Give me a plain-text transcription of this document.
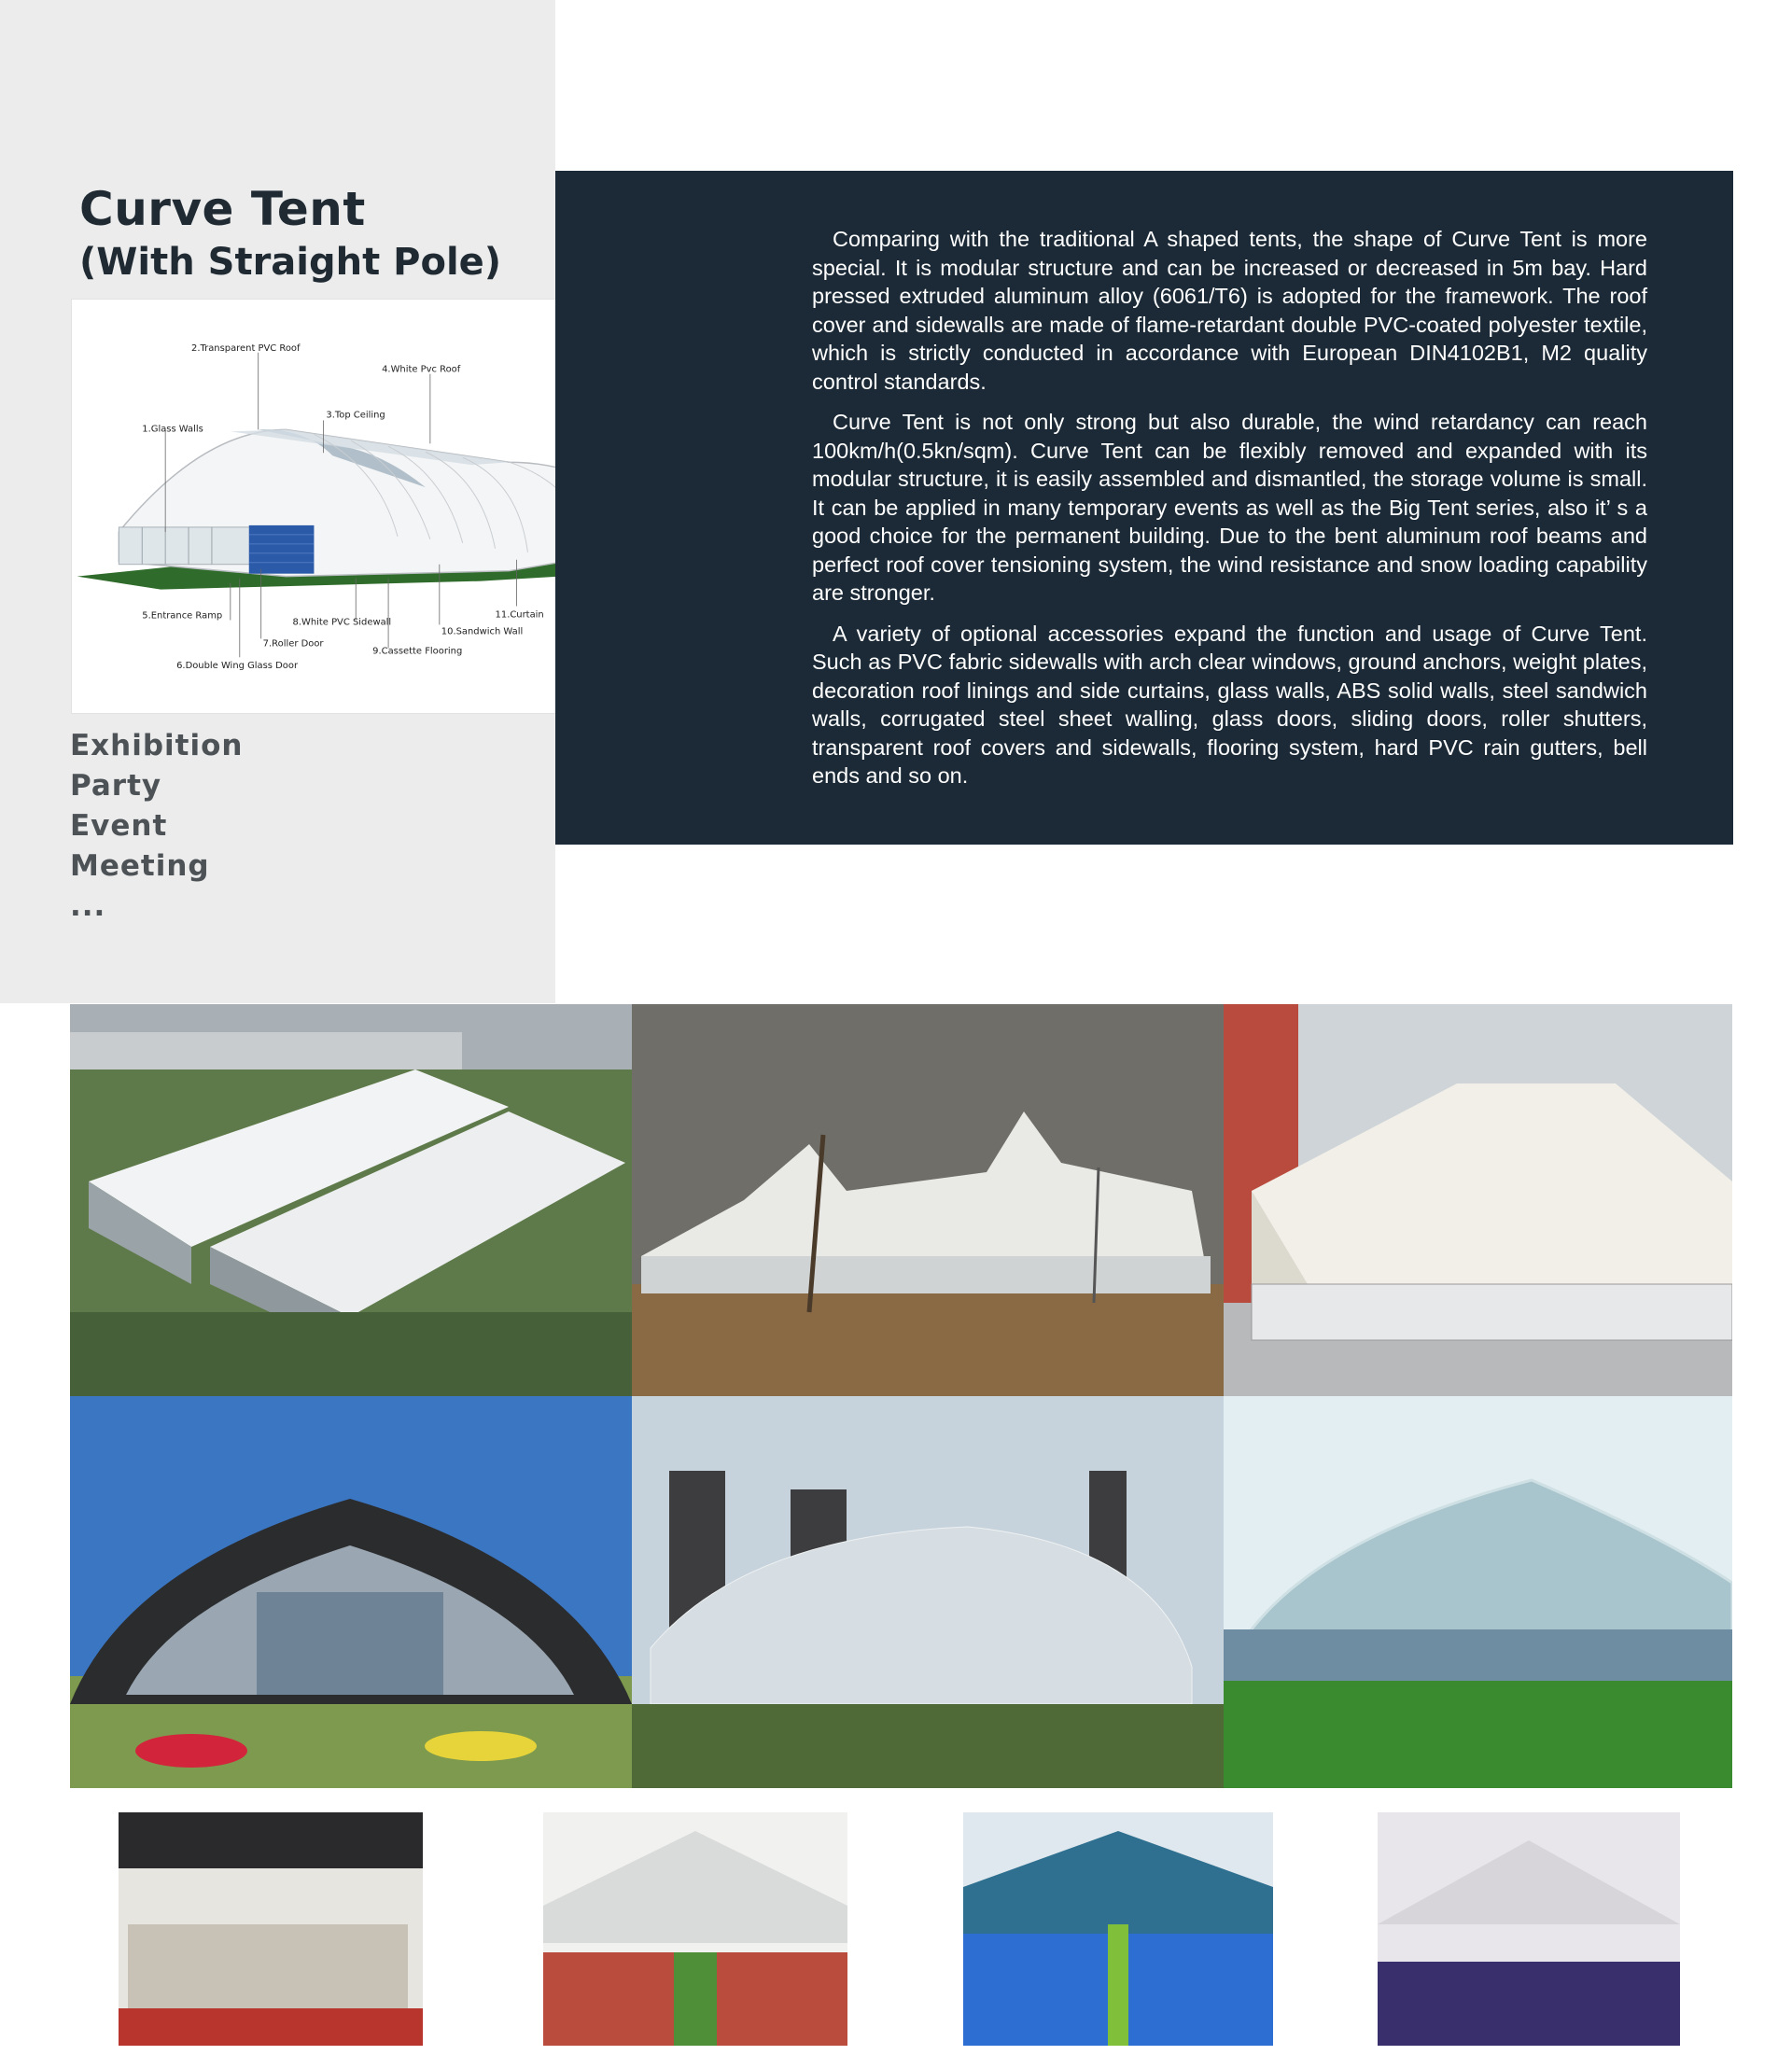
Curve Tent
(With Straight Pole)
1.Glass Walls
2.Transparent PVC Roof
3.Top Ceiling
4.White Pvc Roof
5.Entrance Ramp
6.Double Wing Glass Door
7.Roller Door
8.White PVC Sidewall
9.Cassette Flooring
10.Sandwich Wall
11.Curtain
Exhibition
Party
Event
Meeting
...

Comparing with the traditional A shaped tents, the shape of Curve Tent is more special. It is modular structure and can be increased or decreased in 5m bay. Hard pressed extruded aluminum alloy (6061/T6) is adopted for the framework. The roof cover and sidewalls are made of flame-retardant double PVC-coated polyester textile, which is strictly conducted in accordance with European DIN4102B1, M2 quality control standards.

Curve Tent is not only strong but also durable, the wind retardancy can reach 100km/h(0.5kn/sqm). Curve Tent can be flexibly removed and expanded with its modular structure, it is easily assembled and dismantled, the storage volume is small. It can be applied in many temporary events as well as the Big Tent series, also it’ s a good choice for the permanent building. Due to the bent aluminum roof beams and perfect roof cover tensioning system, the wind resistance and snow loading capability are stronger.

A variety of optional accessories expand the function and usage of Curve Tent. Such as PVC fabric sidewalls with arch clear windows, ground anchors, weight plates, decoration roof linings and side curtains, glass walls, ABS solid walls, steel sandwich walls, corrugated steel sheet walling, glass doors, sliding doors, roller shutters, transparent roof covers and sidewalls, flooring system, hard PVC rain gutters, bell ends and so on.
